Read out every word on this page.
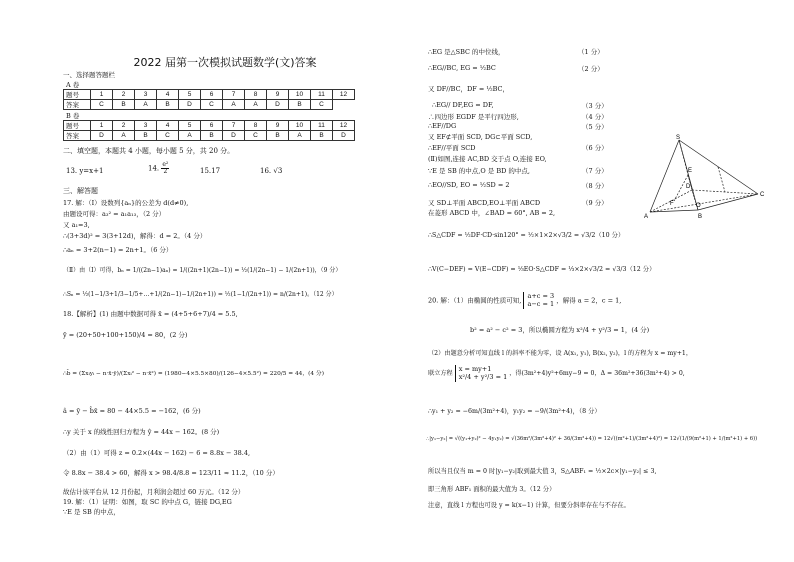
2022 届第一次模拟试题数学(文)答案
一、选择题答题栏
A 卷
题号	1	2	3	4	5	6	7	8	9	10	11	12
答案	C	B	A	B	D	C	A	A	D	B	C	
B 卷
题号	1	2	3	4	5	6	7	8	9	10	11	12
答案	D	A	B	C	A	B	D	C	B	A	B	D
二、填空题，本题共 4 小题，每小题 5 分，共 20 分。
13. y=x+1	14. $\frac{\text{e²}}{2}$	15.17	16. √3
三、解答题
17. 解：（Ⅰ）设数列{aₙ}的公差为 d(d≠0),
由题设可得：a₃² = a₁a₁₃，（2 分）
又 a₁=3,
∴(3+3d)² = 3(3+12d)，解得：d = 2。（4 分）
∴aₙ = 3+2(n−1) = 2n+1。（6 分）
（Ⅱ）由（Ⅰ）可得，bₙ = 1/((2n−1)aₙ) = 1/((2n+1)(2n−1)) = ½(1/(2n−1) − 1/(2n+1))，（9 分）
∴Sₙ = ½(1−1/3+1/3−1/5+…+1/(2n−1)−1/(2n+1)) = ½(1−1/(2n+1)) = n/(2n+1)。（12 分）
18.【解析】(1) 由题中数据可得 x̄ = (4+5+6+7)/4 = 5.5,
ȳ = (20+50+100+150)/4 = 80，(2 分)
∴b̂ = (Σxᵢyᵢ − n·x̄·ȳ)/(Σxᵢ² − n·x̄²) = (1980−4×5.5×80)/(126−4×5.5²) = 220/5 = 44，(4 分)
â = ȳ − b̂x̄ = 80 − 44×5.5 = −162，(6 分)
∴y 关于 x 的线性回归方程为 ŷ = 44x − 162。(8 分)
（2）由（1）可得 z = 0.2×(44x − 162) − 6 = 8.8x − 38.4,
令 8.8x − 38.4 > 60，解得 x > 98.4/8.8 = 123/11 ≈ 11.2，（10 分）
故估计该平台从 12 月份起，月利润会超过 60 万元。（12 分）
19. 解：（1）证明：如图，取 SC 的中点 G，链接 DG,EG
∵E 是 SB 的中点，
∴EG 是△SBC 的中位线，	（1 分）
∴EG//BC, EG = ½BC	（2 分）
又 DF//BC，DF = ½BC，
∴EG// DF,EG = DF,	（3 分）
∴四边形 EGDF 是平行四边形,	（4 分）
∴EF//DG	（5 分）
又 EF⊄平面 SCD, DG⊂平面 SCD,
∴EF//平面 SCD	（6 分）
(Ⅱ)如图,连接 AC,BD 交于点 O,连接 EO,
∵E 是 SB 的中点,O 是 BD 的中点,	（7 分）
∴EO//SD, EO = ½SD = 2	（8 分）
又 SD⊥平面 ABCD,EO⊥平面 ABCD	（9 分）
在菱形 ABCD 中，∠BAD = 60°, AB = 2,
∴S△CDF = ½DF·CD·sin120° = ½×1×2×√3/2 = √3/2（10 分）
∴V(C−DEF) = V(E−CDF) = ⅓EO·S△CDF = ⅓×2×√3/2 = √3/3（12 分）
20. 解：（1）由椭圆的性质可知,
a+c = 3
a−c = 1 ，解得 a = 2，c = 1,
b² = a² − c² = 3，所以椭圆方程为 x²/4 + y²/3 = 1，(4 分)
（2）由题意分析可知直线 l 的斜率不能为零，设 A(x₁, y₁), B(x₂, y₂)，l 的方程为 x = my+1，
联立方程
x = my+1
x²/4 + y²/3 = 1 ，得(3m²+4)y²+6my−9 = 0，Δ = 36m²+36(3m²+4) > 0,
∴y₁ + y₂ = −6m/(3m²+4)，y₁y₂ = −9/(3m²+4)，（8 分）
∴|y₁−y₂| = √((y₁+y₂)² − 4y₁y₂) = √(36m²/(3m²+4)² + 36/(3m²+4)) = 12√((m²+1)/(3m²+4)²) = 12√(1/(9(m²+1) + 1/(m²+1) + 6))
所以当且仅当 m = 0 时|y₁−y₂|取到最大值 3，S△ABF₁ = ½×2c×|y₁−y₂| ≤ 3,
即三角形 ABF₁ 面积的最大值为 3。（12 分）
注意，直线 l 方程也可设 y = k(x−1) 计算，但要分斜率存在与不存在。
S
E
F	O
A	B
C
D
